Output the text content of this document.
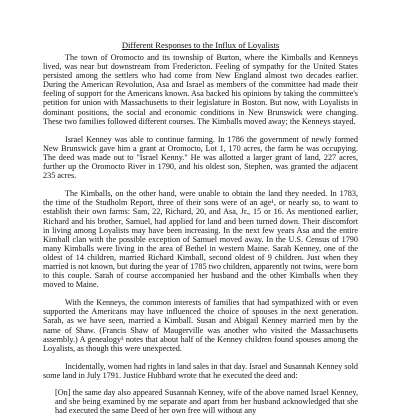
Different Responses to the Influx of Loyalists

The town of Oromocto and its township of Burton, where the Kimballs and Kenneys lived, was near but downstream from Fredericton. Feeling of sympathy for the United States persisted among the settlers who had come from New England almost two decades earlier. During the American Revolution, Asa and Israel as members of the committee had made their feeling of support for the Americans known. Asa backed his opinions by taking the committee's petition for union with Massachusetts to their legislature in Boston. But now, with Loyalists in dominant positions, the social and economic conditions in New Brunswick were changing. These two families followed different courses. The Kimballs moved away; the Kenneys stayed.

Israel Kenney was able to continue farming. In 1786 the government of newly formed New Brunswick gave him a grant at Oromocto, Lot 1, 170 acres, the farm he was occupying. The deed was made out to "Israel Kenny." He was allotted a larger grant of land, 227 acres, further up the Oromocto River in 1790, and his oldest son, Stephen, was granted the adjacent 235 acres.

The Kimballs, on the other hand, were unable to obtain the land they needed. In 1783, the time of the Studholm Report, three of their sons were of an age¹, or nearly so, to want to establish their own farms: Sam, 22, Richard, 20, and Asa, Jr., 15 or 16. As mentioned earlier, Richard and his brother, Samuel, had applied for land and been turned down. Their discomfort in living among Loyalists may have been increasing. In the next few years Asa and the entire Kimball clan with the possible exception of Samuel moved away. In the U.S. Census of 1790 many Kimballs were living in the area of Bethel in western Maine. Sarah Kenney, one of the oldest of 14 children, married Richard Kimball, second oldest of 9 children. Just when they married is not known, but during the year of 1785 two children, apparently not twins, were born to this couple. Sarah of course accompanied her husband and the other Kimballs when they moved to Maine.

With the Kenneys, the common interests of families that had sympathized with or even supported the Americans may have influenced the choice of spouses in the next generation. Sarah, as we have seen, married a Kimball. Susan and Abigail Kenney married men by the name of Shaw. (Francis Shaw of Maugerville was another who visited the Massachusetts assembly.) A genealogy³ notes that about half of the Kenney children found spouses among the Loyalists, as though this were unexpected.

Incidentally, women had rights in land sales in that day. Israel and Susannah Kenney sold some land in July 1791. Justice Hubbard wrote that he executed the deed and:

[On] the same day also appeared Susannah Kenney, wife of the above named Israel Kenney, and she being examined by me separate and apart from her husband acknowledged that she had executed the same Deed of her own free will without any
